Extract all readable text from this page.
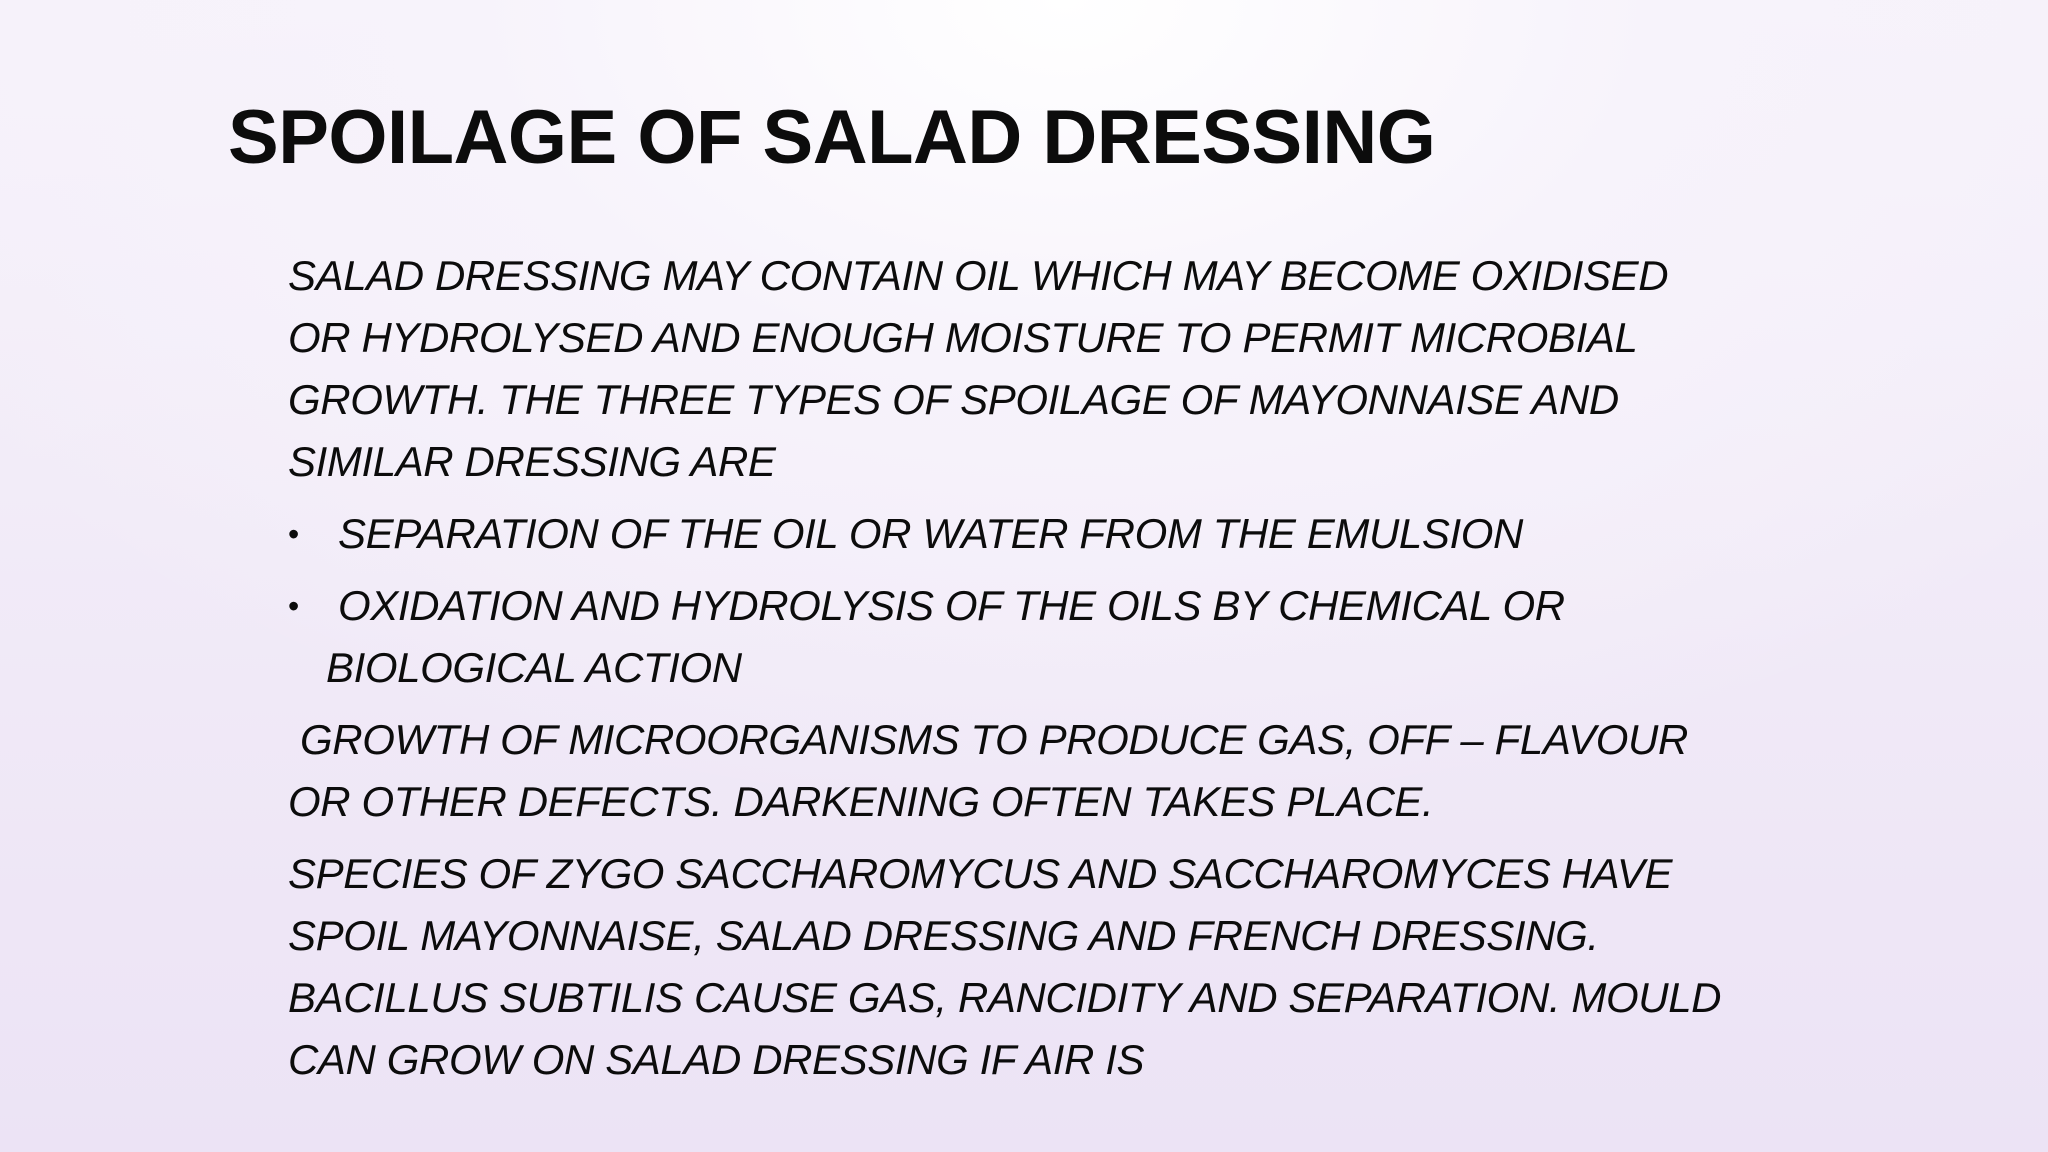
SPOILAGE OF SALAD DRESSING

SALAD DRESSING MAY CONTAIN OIL WHICH MAY BECOME OXIDISED OR HYDROLYSED AND ENOUGH MOISTURE TO PERMIT MICROBIAL GROWTH. THE THREE TYPES OF SPOILAGE OF MAYONNAISE AND SIMILAR DRESSING ARE

• SEPARATION OF THE OIL OR WATER FROM THE EMULSION
• OXIDATION AND HYDROLYSIS OF THE OILS BY CHEMICAL OR BIOLOGICAL ACTION

GROWTH OF MICROORGANISMS TO PRODUCE GAS, OFF – FLAVOUR OR OTHER DEFECTS. DARKENING OFTEN TAKES PLACE.

SPECIES OF ZYGO SACCHAROMYCUS AND SACCHAROMYCES HAVE SPOIL MAYONNAISE, SALAD DRESSING AND FRENCH DRESSING. BACILLUS SUBTILIS CAUSE GAS, RANCIDITY AND SEPARATION. MOULD CAN GROW ON SALAD DRESSING IF AIR IS
